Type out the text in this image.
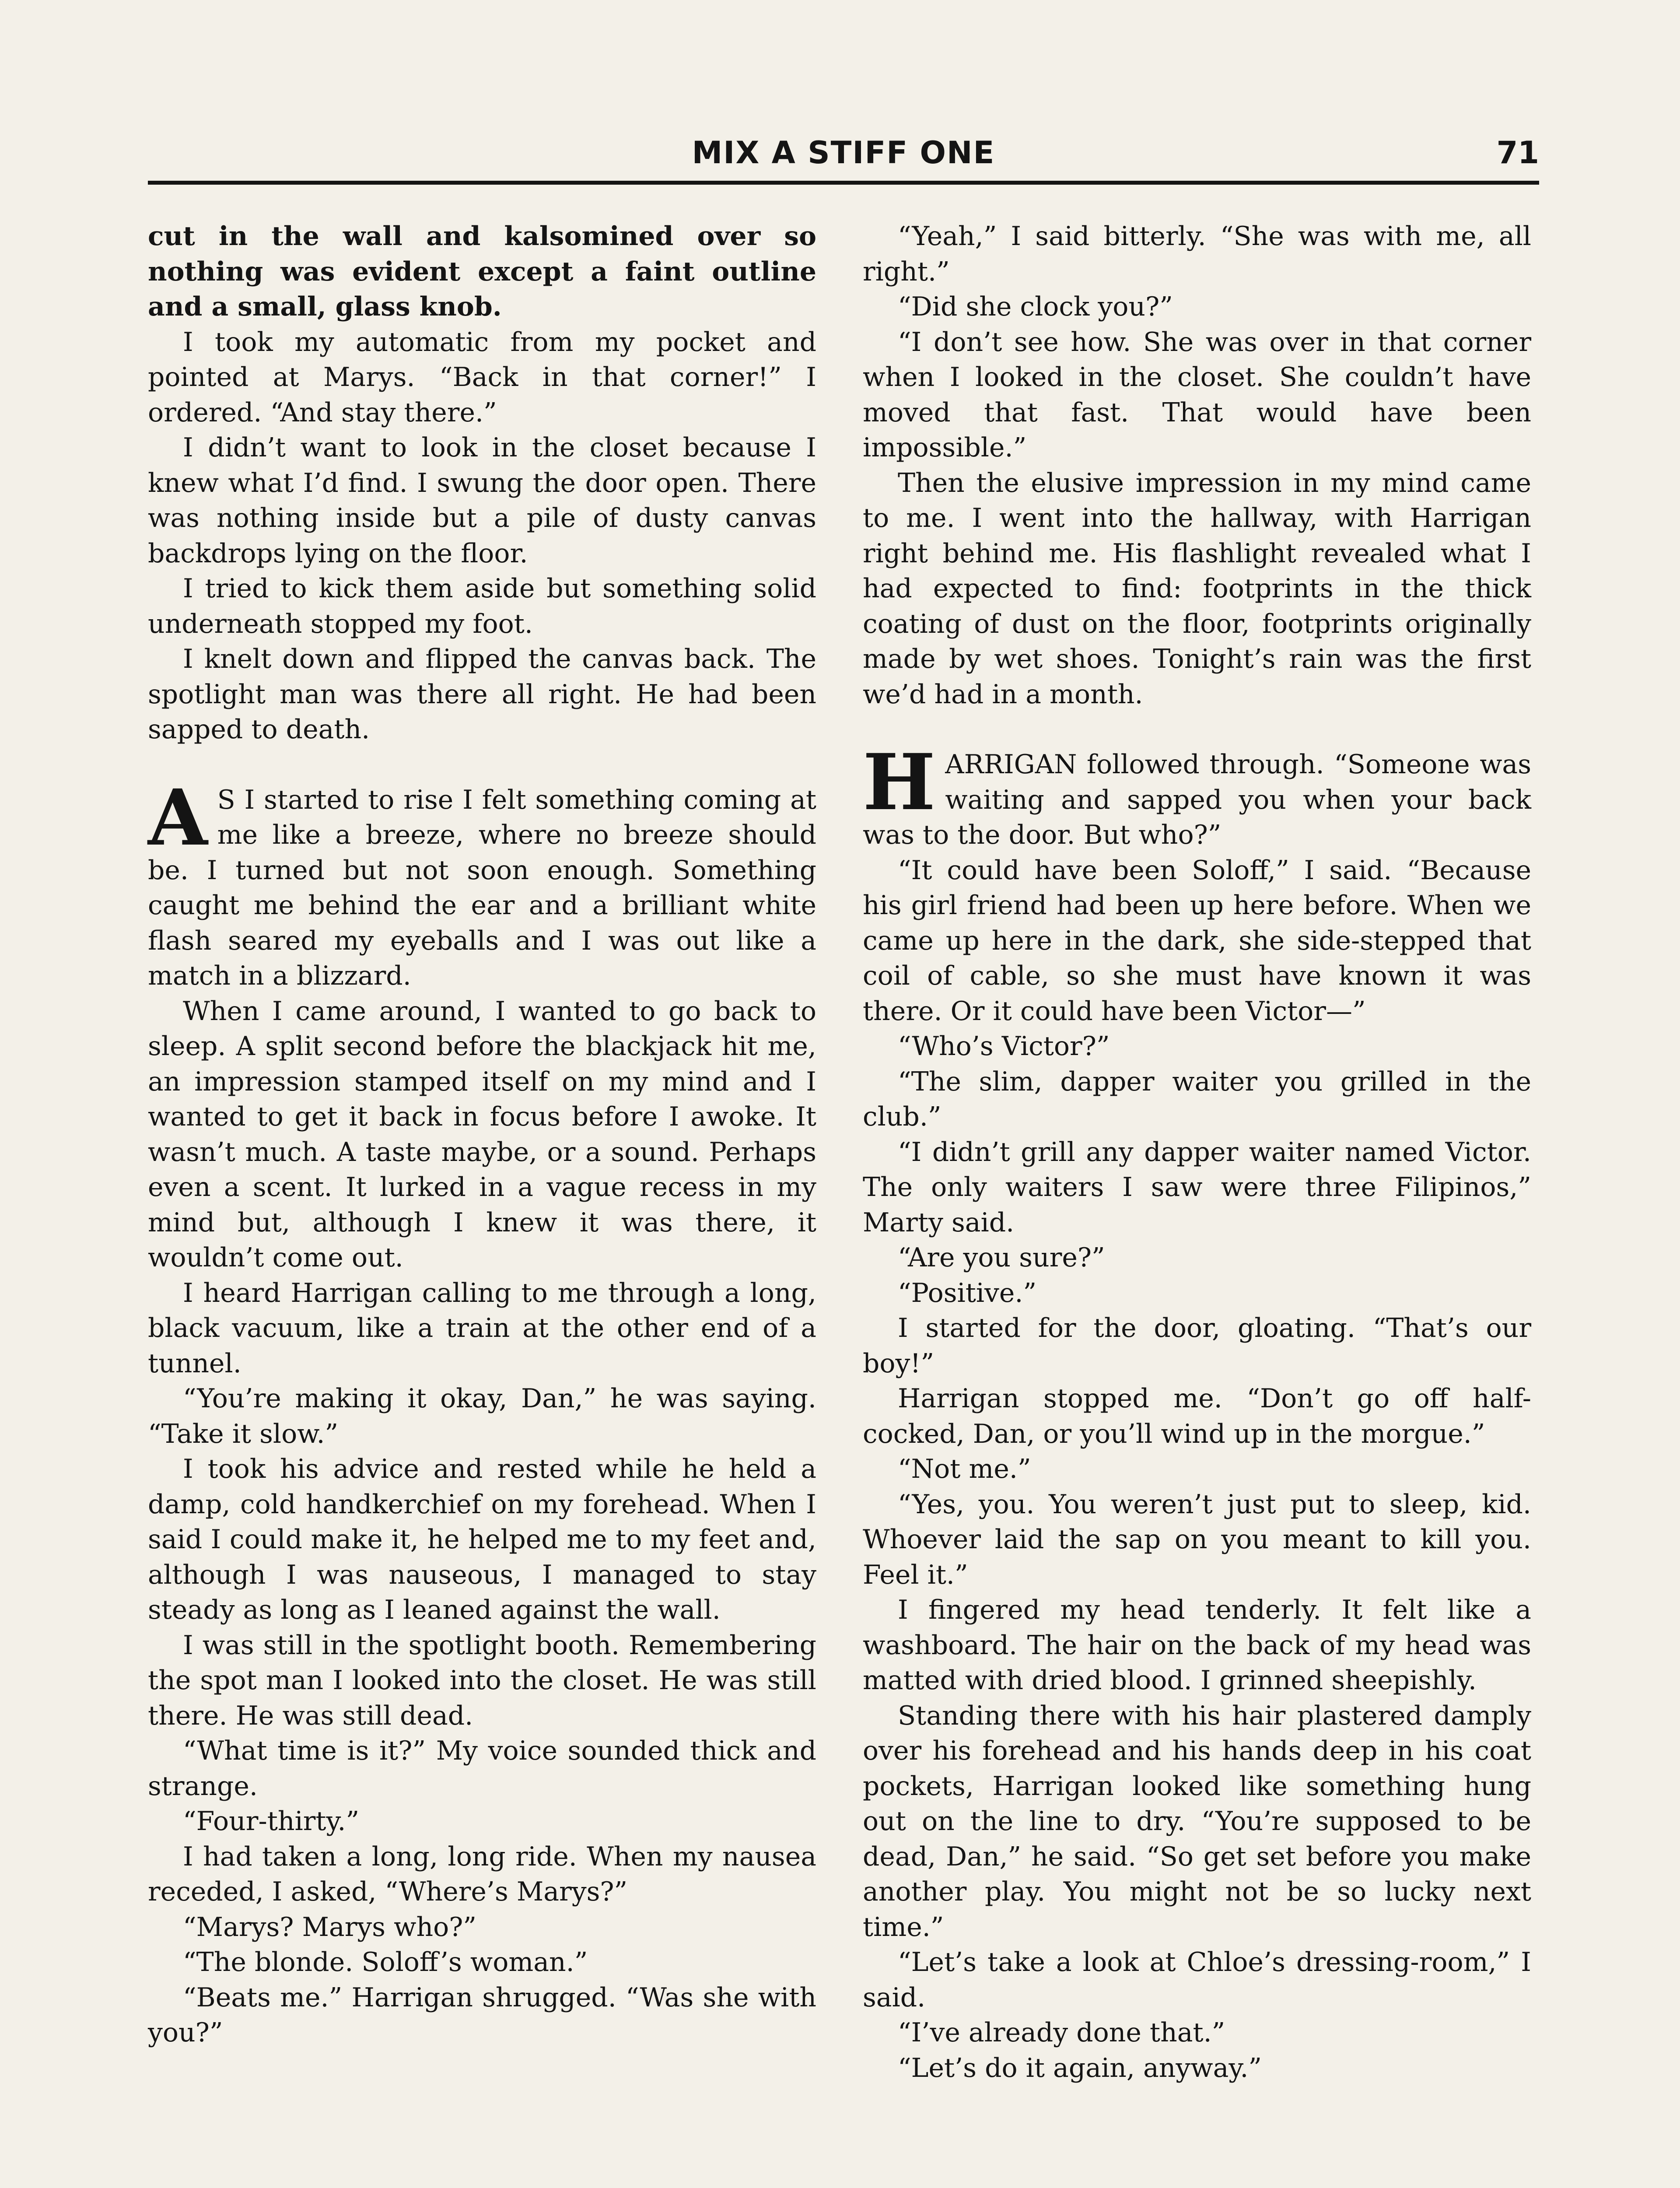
MIX A STIFF ONE	71

cut in the wall and kalsomined over so nothing was evident except a faint outline and a small, glass knob.

I took my automatic from my pocket and pointed at Marys. “Back in that corner!” I ordered. “And stay there.”

I didn’t want to look in the closet because I knew what I’d find. I swung the door open. There was nothing inside but a pile of dusty canvas backdrops lying on the floor.

I tried to kick them aside but something solid underneath stopped my foot.

I knelt down and flipped the canvas back. The spotlight man was there all right. He had been sapped to death.

A S I started to rise I felt something coming at me like a breeze, where no breeze should be. I turned but not soon enough. Something caught me behind the ear and a brilliant white flash seared my eyeballs and I was out like a match in a blizzard.

When I came around, I wanted to go back to sleep. A split second before the blackjack hit me, an impression stamped itself on my mind and I wanted to get it back in focus before I awoke. It wasn’t much. A taste maybe, or a sound. Perhaps even a scent. It lurked in a vague recess in my mind but, although I knew it was there, it wouldn’t come out.

I heard Harrigan calling to me through a long, black vacuum, like a train at the other end of a tunnel.

“You’re making it okay, Dan,” he was saying. “Take it slow.”

I took his advice and rested while he held a damp, cold handkerchief on my forehead. When I said I could make it, he helped me to my feet and, although I was nauseous, I managed to stay steady as long as I leaned against the wall.

I was still in the spotlight booth. Remembering the spot man I looked into the closet. He was still there. He was still dead.

“What time is it?” My voice sounded thick and strange.

“Four-thirty.”

I had taken a long, long ride. When my nausea receded, I asked, “Where’s Marys?”

“Marys? Marys who?”

“The blonde. Soloff’s woman.”

“Beats me.” Harrigan shrugged. “Was she with you?”

“Yeah,” I said bitterly. “She was with me, all right.”

“Did she clock you?”

“I don’t see how. She was over in that corner when I looked in the closet. She couldn’t have moved that fast. That would have been impossible.”

Then the elusive impression in my mind came to me. I went into the hallway, with Harrigan right behind me. His flashlight revealed what I had expected to find: footprints in the thick coating of dust on the floor, footprints originally made by wet shoes. Tonight’s rain was the first we’d had in a month.

HARRIGAN followed through. “Someone was waiting and sapped you when your back was to the door. But who?”

“It could have been Soloff,” I said. “Because his girl friend had been up here before. When we came up here in the dark, she side-stepped that coil of cable, so she must have known it was there. Or it could have been Victor—”

“Who’s Victor?”

“The slim, dapper waiter you grilled in the club.”

“I didn’t grill any dapper waiter named Victor. The only waiters I saw were three Filipinos,” Marty said.

“Are you sure?”

“Positive.”

I started for the door, gloating. “That’s our boy!”

Harrigan stopped me. “Don’t go off half-cocked, Dan, or you’ll wind up in the morgue.”

“Not me.”

“Yes, you. You weren’t just put to sleep, kid. Whoever laid the sap on you meant to kill you. Feel it.”

I fingered my head tenderly. It felt like a washboard. The hair on the back of my head was matted with dried blood. I grinned sheepishly.

Standing there with his hair plastered damply over his forehead and his hands deep in his coat pockets, Harrigan looked like something hung out on the line to dry. “You’re supposed to be dead, Dan,” he said. “So get set before you make another play. You might not be so lucky next time.”

“Let’s take a look at Chloe’s dressing-room,” I said.

“I’ve already done that.”

“Let’s do it again, anyway.”
